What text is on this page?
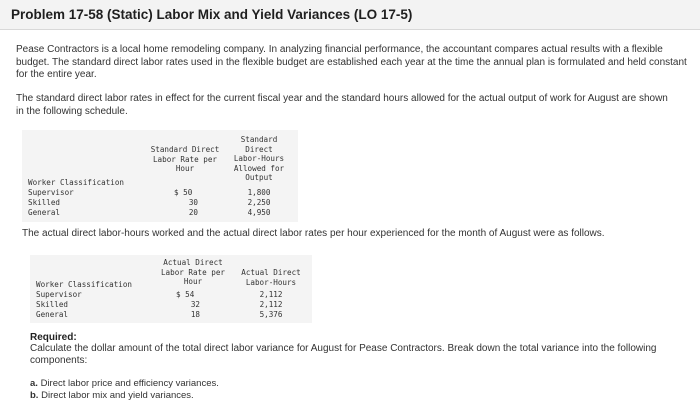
Problem 17-58 (Static) Labor Mix and Yield Variances (LO 17-5)

Pease Contractors is a local home remodeling company. In analyzing financial performance, the accountant compares actual results with a flexible budget. The standard direct labor rates used in the flexible budget are established each year at the time the annual plan is formulated and held constant for the entire year.

The standard direct labor rates in effect for the current fiscal year and the standard hours allowed for the actual output of work for August are shown in the following schedule.

Standard Direct
Labor Rate per
Hour
Standard
Direct
Labor-Hours
Allowed for
Output
Worker Classification
Supervisor	$ 50	1,800
Skilled	30	2,250
General	20	4,950

The actual direct labor-hours worked and the actual direct labor rates per hour experienced for the month of August were as follows.

Actual Direct
Labor Rate per
Hour
Actual Direct
Labor-Hours
Worker Classification
Supervisor	$ 54	2,112
Skilled	32	2,112
General	18	5,376
Required:

Calculate the dollar amount of the total direct labor variance for August for Pease Contractors. Break down the total variance into the following components:

a. Direct labor price and efficiency variances.
b. Direct labor mix and yield variances.
